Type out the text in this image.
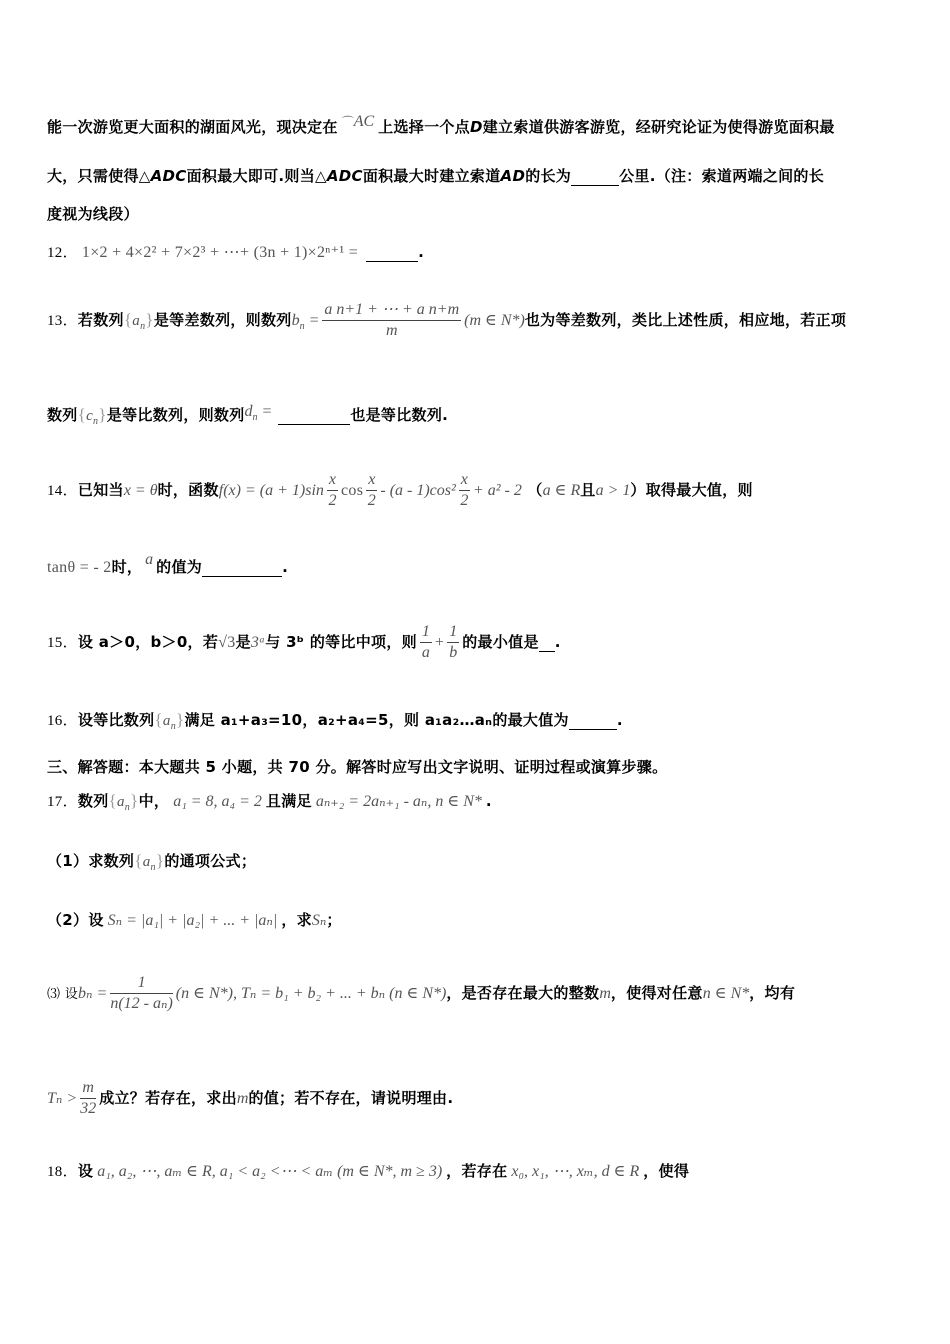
能一次游览更大面积的湖面风光，现决定在 ⌒AC 上选择一个点D建立索道供游客游览，经研究论证为使得游览面积最
大，只需使得△ADC面积最大即可.则当△ADC面积最大时建立索道AD的长为	公里.（注：索道两端之间的长
度视为线段）
12． 1×2 + 4×2² + 7×2³ + ⋯+ (3n + 1)×2ⁿ⁺¹ =	.
13．若数列$\{a_n\}$是等差数列，则数列$b_n = \frac{\text{a n+1 + ⋯ + a n+m}}{m} (m$ ∈ N*)也为等差数列，类比上述性质，相应地，若正项
数列$\{c_n\}$是等比数列，则数列$d_n$ =	也是等比数列.
14．已知当x = θ时，函数$f(x) = (a + 1)\sin \frac{x}{2}$ $\cos \frac{x}{2} - (a - 1)\cos^2 \frac{x}{2} + a^2 - 2$ （a ∈ R且a > 1）取得最大值，则
tanθ = - 2时， a 的值为	.
15．设 a＞0，b＞0，若√3是3ᵃ与 3ᵇ 的等比中项，则 $\frac{1}{a} + \frac{1}{b}$ 的最小值是 .
16．设等比数列$\{a_n\}$满足 a₁+a₃=10，a₂+a₄=5，则 a₁a₂…aₙ的最大值为	.
三、解答题：本大题共 5 小题，共 70 分。解答时应写出文字说明、证明过程或演算步骤。
17．数列$\{a_n\}$中， a₁ = 8, a₄ = 2 且满足 aₙ₊₂ = 2aₙ₊₁ - aₙ, n ∈ N* .
（1）求数列$\{a_n\}$的通项公式；
（2）设 Sₙ = |a₁| + |a₂| + ... + |aₙ| ，求Sₙ；
⑶ 设$b_n = \frac{1}{\text{n(12 - aₙ)}} (n$ ∈ N*), Tₙ = b₁ + b₂ + ... + bₙ (n ∈ N*)，是否存在最大的整数m，使得对任意n ∈ N*，均有
$T_n > \frac{m}{32}$ 成立？若存在，求出m的值；若不存在，请说明理由.
18．设 a₁, a₂, ⋯, aₘ ∈ R, a₁ < a₂ <⋯ < aₘ (m ∈ N*, m ≥ 3) ，若存在 x₀, x₁, ⋯, xₘ, d ∈ R ，使得
